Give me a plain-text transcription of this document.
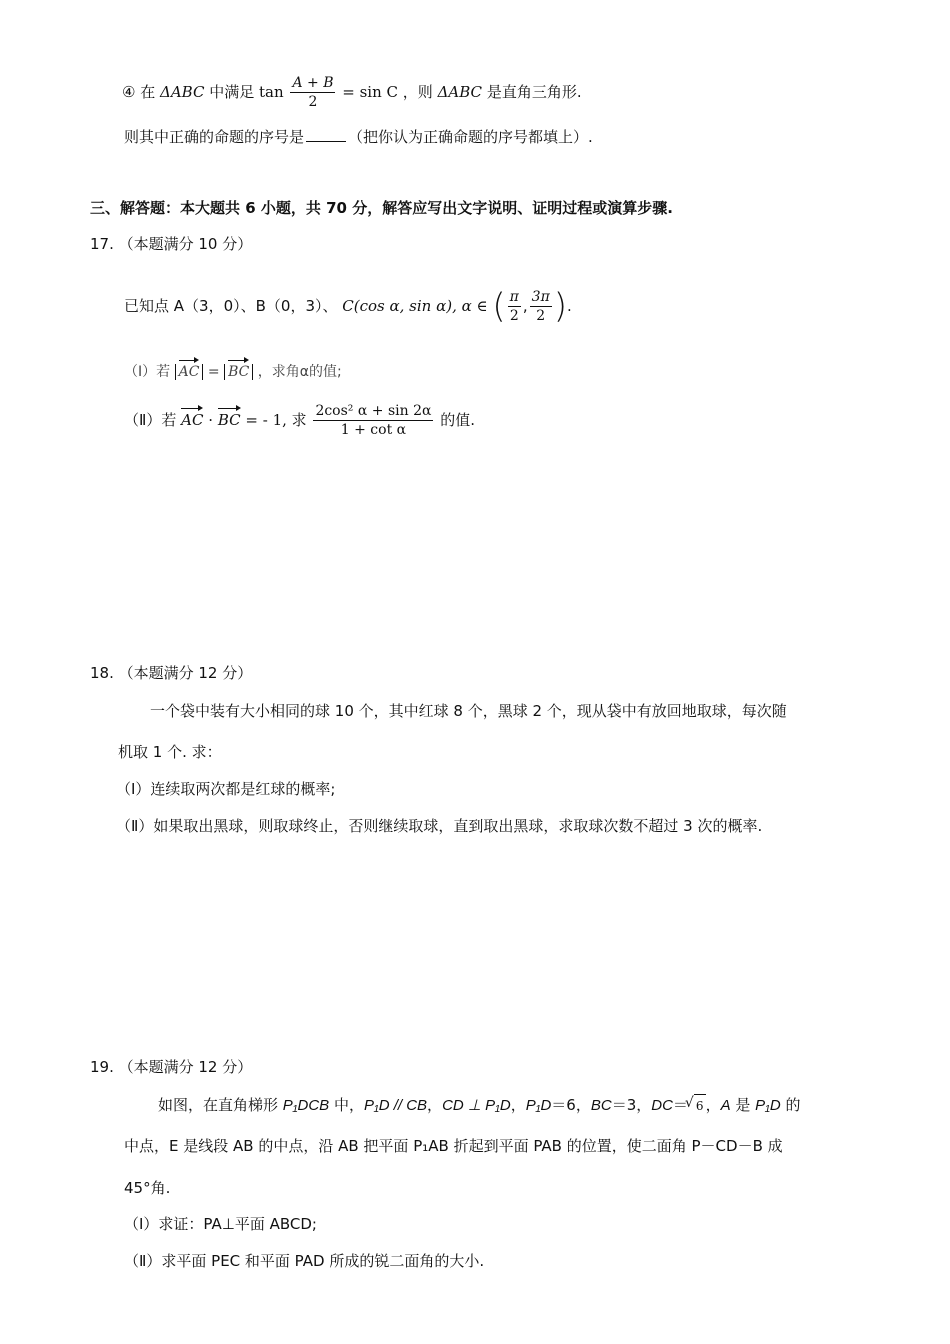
④ 在 ΔABC 中满足 $\tan \frac{A + B}{2} = \sin C$ ，则 ΔABC 是直角三角形.
则其中正确的命题的序号是	（把你认为正确命题的序号都填上）.
三、解答题：本大题共 6 小题，共 70 分，解答应写出文字说明、证明过程或演算步骤.
17. （本题满分 10 分）
已知点 A（3，0）、B（0，3）、 C(cos α, sin α), α ∈ ( $\frac{\pi}{2}$ , $\frac{3\pi}{2}$ ).
（Ⅰ）若 AC = BC ，求角α的值;
（Ⅱ）若 AC · BC = - 1, 求 $\frac{\text{2cos² α + sin 2α}}{\text{1 + cot α}}$ 的值.
18. （本题满分 12 分）
一个袋中装有大小相同的球 10 个，其中红球 8 个，黑球 2 个，现从袋中有放回地取球，每次随
机取 1 个. 求：
（Ⅰ）连续取两次都是红球的概率;
（Ⅱ）如果取出黑球，则取球终止，否则继续取球，直到取出黑球，求取球次数不超过 3 次的概率.
19. （本题满分 12 分）
如图，在直角梯形 P₁DCB 中，P₁D // CB，CD ⊥ P₁D，P₁D＝6，BC＝3，DC＝√ 6 ，A 是 P₁D 的
中点，E 是线段 AB 的中点，沿 AB 把平面 P₁AB 折起到平面 PAB 的位置，使二面角 P－CD－B 成
45°角.
（Ⅰ）求证：PA⊥平面 ABCD;
（Ⅱ）求平面 PEC 和平面 PAD 所成的锐二面角的大小.
